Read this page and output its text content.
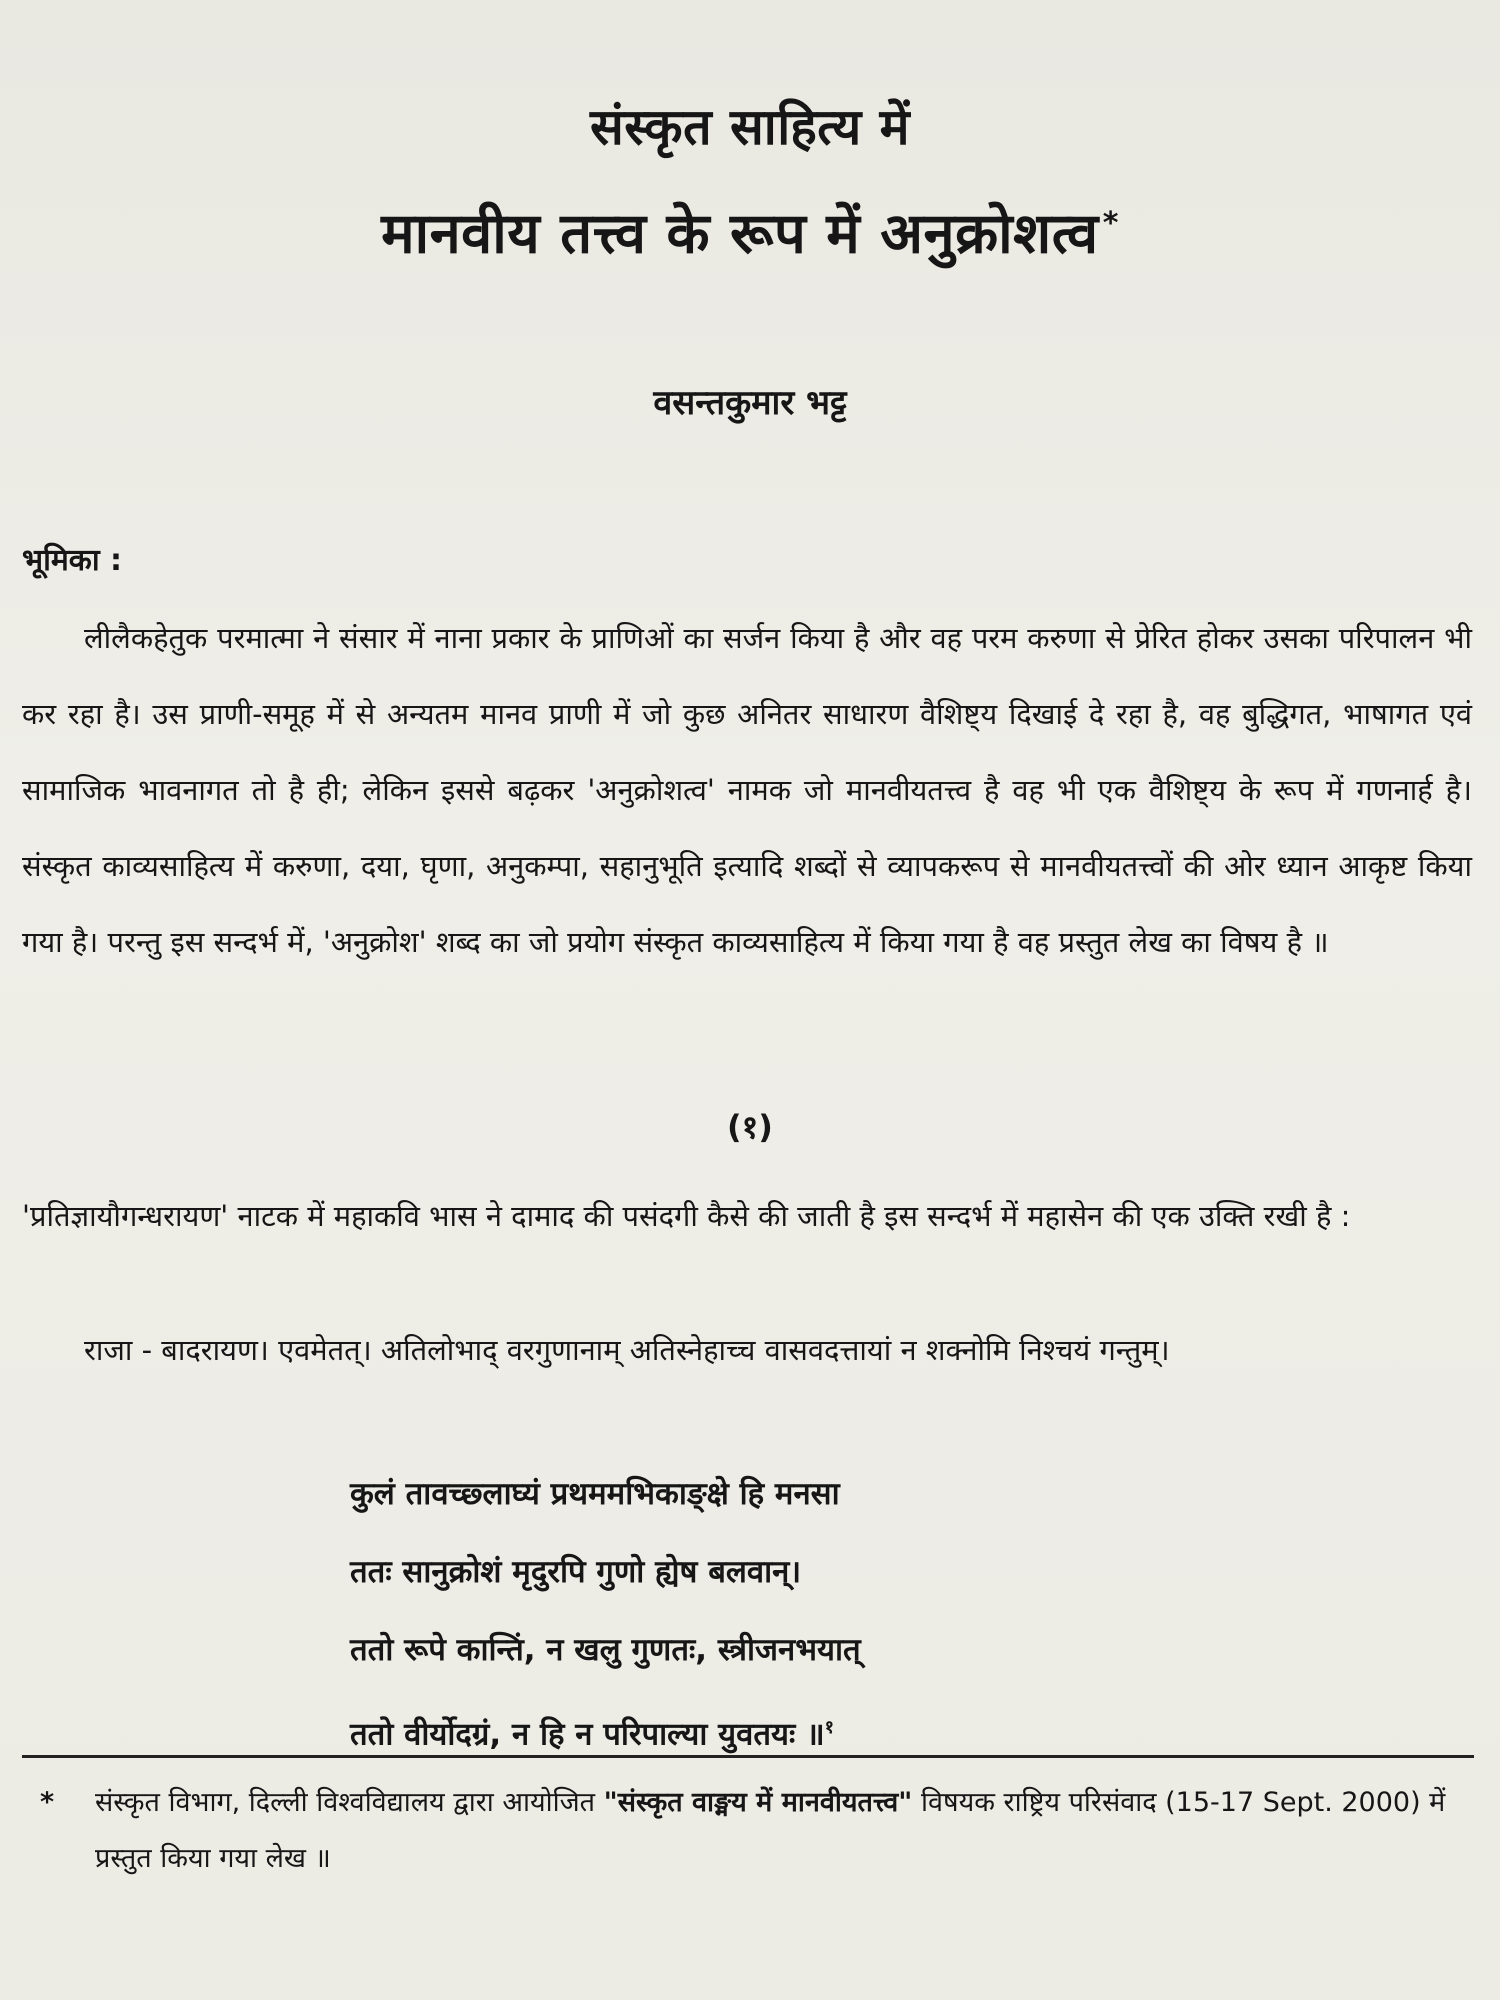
संस्कृत साहित्य में
मानवीय तत्त्व के रूप में अनुक्रोशत्व *
वसन्तकुमार भट्ट
भूमिका :
लीलैकहेतुक परमात्मा ने संसार में नाना प्रकार के प्राणिओं का सर्जन किया है और वह परम करुणा से प्रेरित होकर उसका परिपालन भी कर रहा है। उस प्राणी-समूह में से अन्यतम मानव प्राणी में जो कुछ अनितर साधारण वैशिष्ट्य दिखाई दे रहा है, वह बुद्धिगत, भाषागत एवं सामाजिक भावनागत तो है ही; लेकिन इससे बढ़कर 'अनुक्रोशत्व' नामक जो मानवीयतत्त्व है वह भी एक वैशिष्ट्य के रूप में गणनार्ह है। संस्कृत काव्यसाहित्य में करुणा, दया, घृणा, अनुकम्पा, सहानुभूति इत्यादि शब्दों से व्यापकरूप से मानवीयतत्त्वों की ओर ध्यान आकृष्ट किया गया है। परन्तु इस सन्दर्भ में, 'अनुक्रोश' शब्द का जो प्रयोग संस्कृत काव्यसाहित्य में किया गया है वह प्रस्तुत लेख का विषय है ॥
(१)
'प्रतिज्ञायौगन्धरायण' नाटक में महाकवि भास ने दामाद की पसंदगी कैसे की जाती है इस सन्दर्भ में महासेन की एक उक्ति रखी है :
राजा - बादरायण। एवमेतत्। अतिलोभाद् वरगुणानाम् अतिस्नेहाच्च वासवदत्तायां न शक्नोमि निश्चयं गन्तुम्।
कुलं तावच्छ्लाघ्यं प्रथममभिकाङ्क्षे हि मनसा
ततः सानुक्रोशं मृदुरपि गुणो ह्येष बलवान्।
ततो रूपे कान्तिं, न खलु गुणतः, स्त्रीजनभयात्
ततो वीर्योदग्रं, न हि न परिपाल्या युवतयः ॥$^१$
* संस्कृत विभाग, दिल्ली विश्वविद्यालय द्वारा आयोजित "संस्कृत वाङ्मय में मानवीयतत्त्व" विषयक राष्ट्रिय परिसंवाद (15-17 Sept. 2000) में प्रस्तुत किया गया लेख ॥
